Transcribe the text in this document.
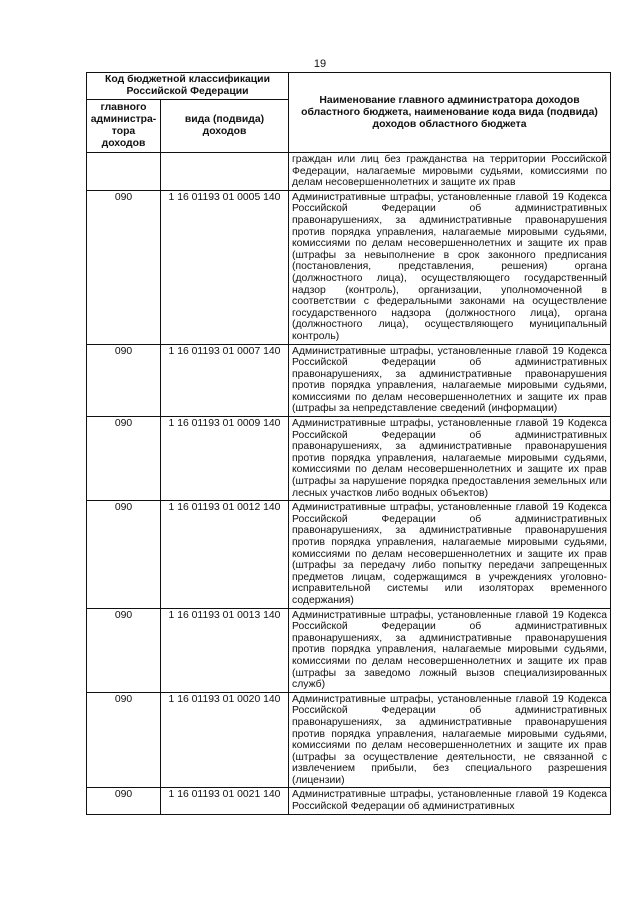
19
Код бюджетной классификации Российской Федерации		Наименование главного администратора доходов областного бюджета, наименование кода вида (подвида) доходов областного бюджета
главного администра-тора доходов	вида (подвида) доходов	
		граждан или лиц без гражданства на территории Российской Федерации, налагаемые мировыми судьями, комиссиями по делам несовершеннолетних и защите их прав
090	1 16 01193 01 0005 140	Административные штрафы, установленные главой 19 Кодекса Российской Федерации об административных правонарушениях, за административные правонарушения против порядка управления, налагаемые мировыми судьями, комиссиями по делам несовершеннолетних и защите их прав (штрафы за невыполнение в срок законного предписания (постановления, представления, решения) органа (должностного лица), осуществляющего государственный надзор (контроль), организации, уполномоченной в соответствии с федеральными законами на осуществление государственного надзора (должностного лица), органа (должностного лица), осуществляющего муниципальный контроль)
090	1 16 01193 01 0007 140	Административные штрафы, установленные главой 19 Кодекса Российской Федерации об административных правонарушениях, за административные правонарушения против порядка управления, налагаемые мировыми судьями, комиссиями по делам несовершеннолетних и защите их прав (штрафы за непредставление сведений (информации)
090	1 16 01193 01 0009 140	Административные штрафы, установленные главой 19 Кодекса Российской Федерации об административных правонарушениях, за административные правонарушения против порядка управления, налагаемые мировыми судьями, комиссиями по делам несовершеннолетних и защите их прав (штрафы за нарушение порядка предоставления земельных или лесных участков либо водных объектов)
090	1 16 01193 01 0012 140	Административные штрафы, установленные главой 19 Кодекса Российской Федерации об административных правонарушениях, за административные правонарушения против порядка управления, налагаемые мировыми судьями, комиссиями по делам несовершеннолетних и защите их прав (штрафы за передачу либо попытку передачи запрещенных предметов лицам, содержащимся в учреждениях уголовно-исправительной системы или изоляторах временного содержания)
090	1 16 01193 01 0013 140	Административные штрафы, установленные главой 19 Кодекса Российской Федерации об административных правонарушениях, за административные правонарушения против порядка управления, налагаемые мировыми судьями, комиссиями по делам несовершеннолетних и защите их прав (штрафы за заведомо ложный вызов специализированных служб)
090	1 16 01193 01 0020 140	Административные штрафы, установленные главой 19 Кодекса Российской Федерации об административных правонарушениях, за административные правонарушения против порядка управления, налагаемые мировыми судьями, комиссиями по делам несовершеннолетних и защите их прав (штрафы за осуществление деятельности, не связанной с извлечением прибыли, без специального разрешения (лицензии)
090	1 16 01193 01 0021 140	Административные штрафы, установленные главой 19 Кодекса Российской Федерации об административных
